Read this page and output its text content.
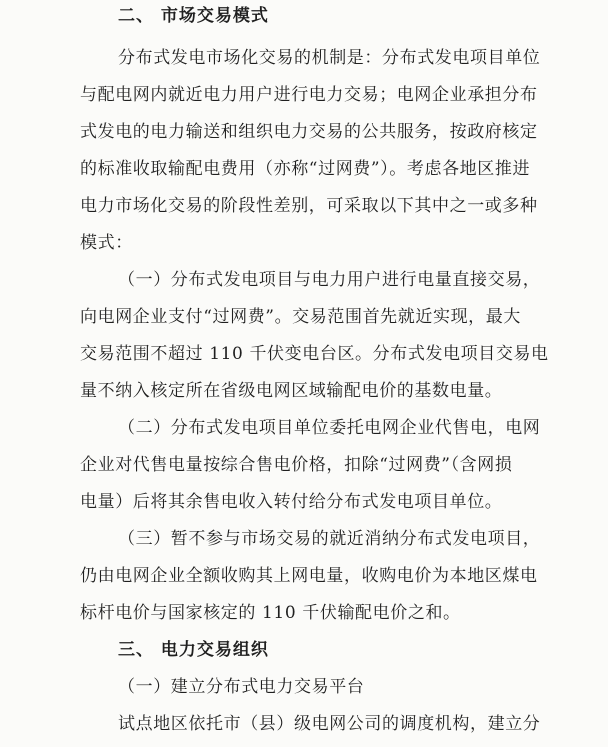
二、 市场交易模式
分布式发电市场化交易的机制是：分布式发电项目单位
与配电网内就近电力用户进行电力交易；电网企业承担分布
式发电的电力输送和组织电力交易的公共服务，按政府核定
的标准收取输配电费用（亦称“过网费”）。考虑各地区推进
电力市场化交易的阶段性差别，可采取以下其中之一或多种
模式：
（一）分布式发电项目与电力用户进行电量直接交易，
向电网企业支付“过网费”。交易范围首先就近实现，最大
交易范围不超过 110 千伏变电台区。分布式发电项目交易电
量不纳入核定所在省级电网区域输配电价的基数电量。
（二）分布式发电项目单位委托电网企业代售电，电网
企业对代售电量按综合售电价格，扣除“过网费”（含网损
电量）后将其余售电收入转付给分布式发电项目单位。
（三）暂不参与市场交易的就近消纳分布式发电项目，
仍由电网企业全额收购其上网电量，收购电价为本地区煤电
标杆电价与国家核定的 110 千伏输配电价之和。
三、 电力交易组织
（一）建立分布式电力交易平台
试点地区依托市（县）级电网公司的调度机构，建立分
